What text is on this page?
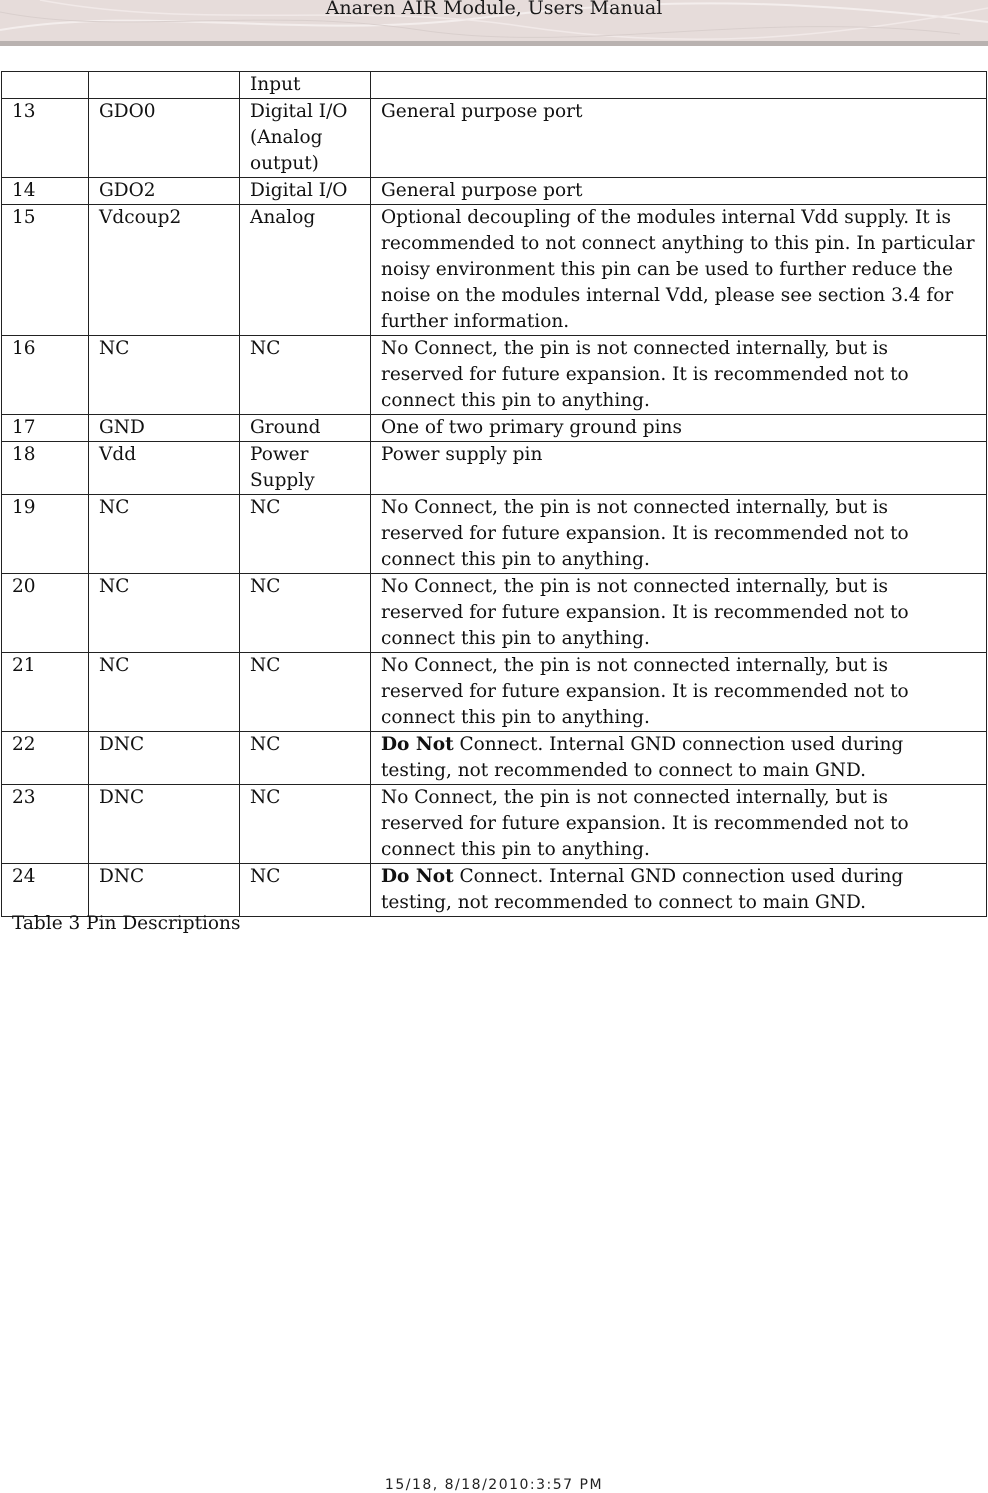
Anaren AIR Module, Users Manual
		Input	
13	GDO0	Digital I/O (Analog output)	General purpose port
14	GDO2	Digital I/O	General purpose port
15	Vdcoup2	Analog	Optional decoupling of the modules internal Vdd supply. It is recommended to not connect anything to this pin. In particular noisy environment this pin can be used to further reduce the noise on the modules internal Vdd, please see section 3.4 for further information.
16	NC	NC	No Connect, the pin is not connected internally, but is reserved for future expansion. It is recommended not to connect this pin to anything.
17	GND	Ground	One of two primary ground pins
18	Vdd	Power Supply	Power supply pin
19	NC	NC	No Connect, the pin is not connected internally, but is reserved for future expansion. It is recommended not to connect this pin to anything.
20	NC	NC	No Connect, the pin is not connected internally, but is reserved for future expansion. It is recommended not to connect this pin to anything.
21	NC	NC	No Connect, the pin is not connected internally, but is reserved for future expansion. It is recommended not to connect this pin to anything.
22	DNC	NC	Do Not Connect. Internal GND connection used during testing, not recommended to connect to main GND.
23	DNC	NC	No Connect, the pin is not connected internally, but is reserved for future expansion. It is recommended not to connect this pin to anything.
24	DNC	NC	Do Not Connect. Internal GND connection used during testing, not recommended to connect to main GND.
Table 3 Pin Descriptions
15/18, 8/18/2010:3:57 PM
